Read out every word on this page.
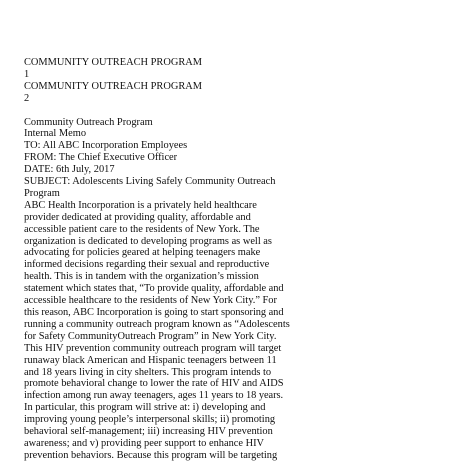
COMMUNITY OUTREACH PROGRAM
1
COMMUNITY OUTREACH PROGRAM
2
Community Outreach Program
Internal Memo
TO: All ABC Incorporation Employees
FROM: The Chief Executive Officer
DATE: 6th July, 2017
SUBJECT: Adolescents Living Safely Community Outreach
Program
ABC Health Incorporation is a privately held healthcare
provider dedicated at providing quality, affordable and
accessible patient care to the residents of New York. The
organization is dedicated to developing programs as well as
advocating for policies geared at helping teenagers make
informed decisions regarding their sexual and reproductive
health. This is in tandem with the organization’s mission
statement which states that, “To provide quality, affordable and
accessible healthcare to the residents of New York City.” For
this reason, ABC Incorporation is going to start sponsoring and
running a community outreach program known as “Adolescents
for Safety CommunityOutreach Program” in New York City.
This HIV prevention community outreach program will target
runaway black American and Hispanic teenagers between 11
and 18 years living in city shelters. This program intends to
promote behavioral change to lower the rate of HIV and AIDS
infection among run away teenagers, ages 11 years to 18 years.
In particular, this program will strive at: i) developing and
improving young people’s interpersonal skills; ii) promoting
behavioral self-management; iii) increasing HIV prevention
awareness; and v) providing peer support to enhance HIV
prevention behaviors. Because this program will be targeting
